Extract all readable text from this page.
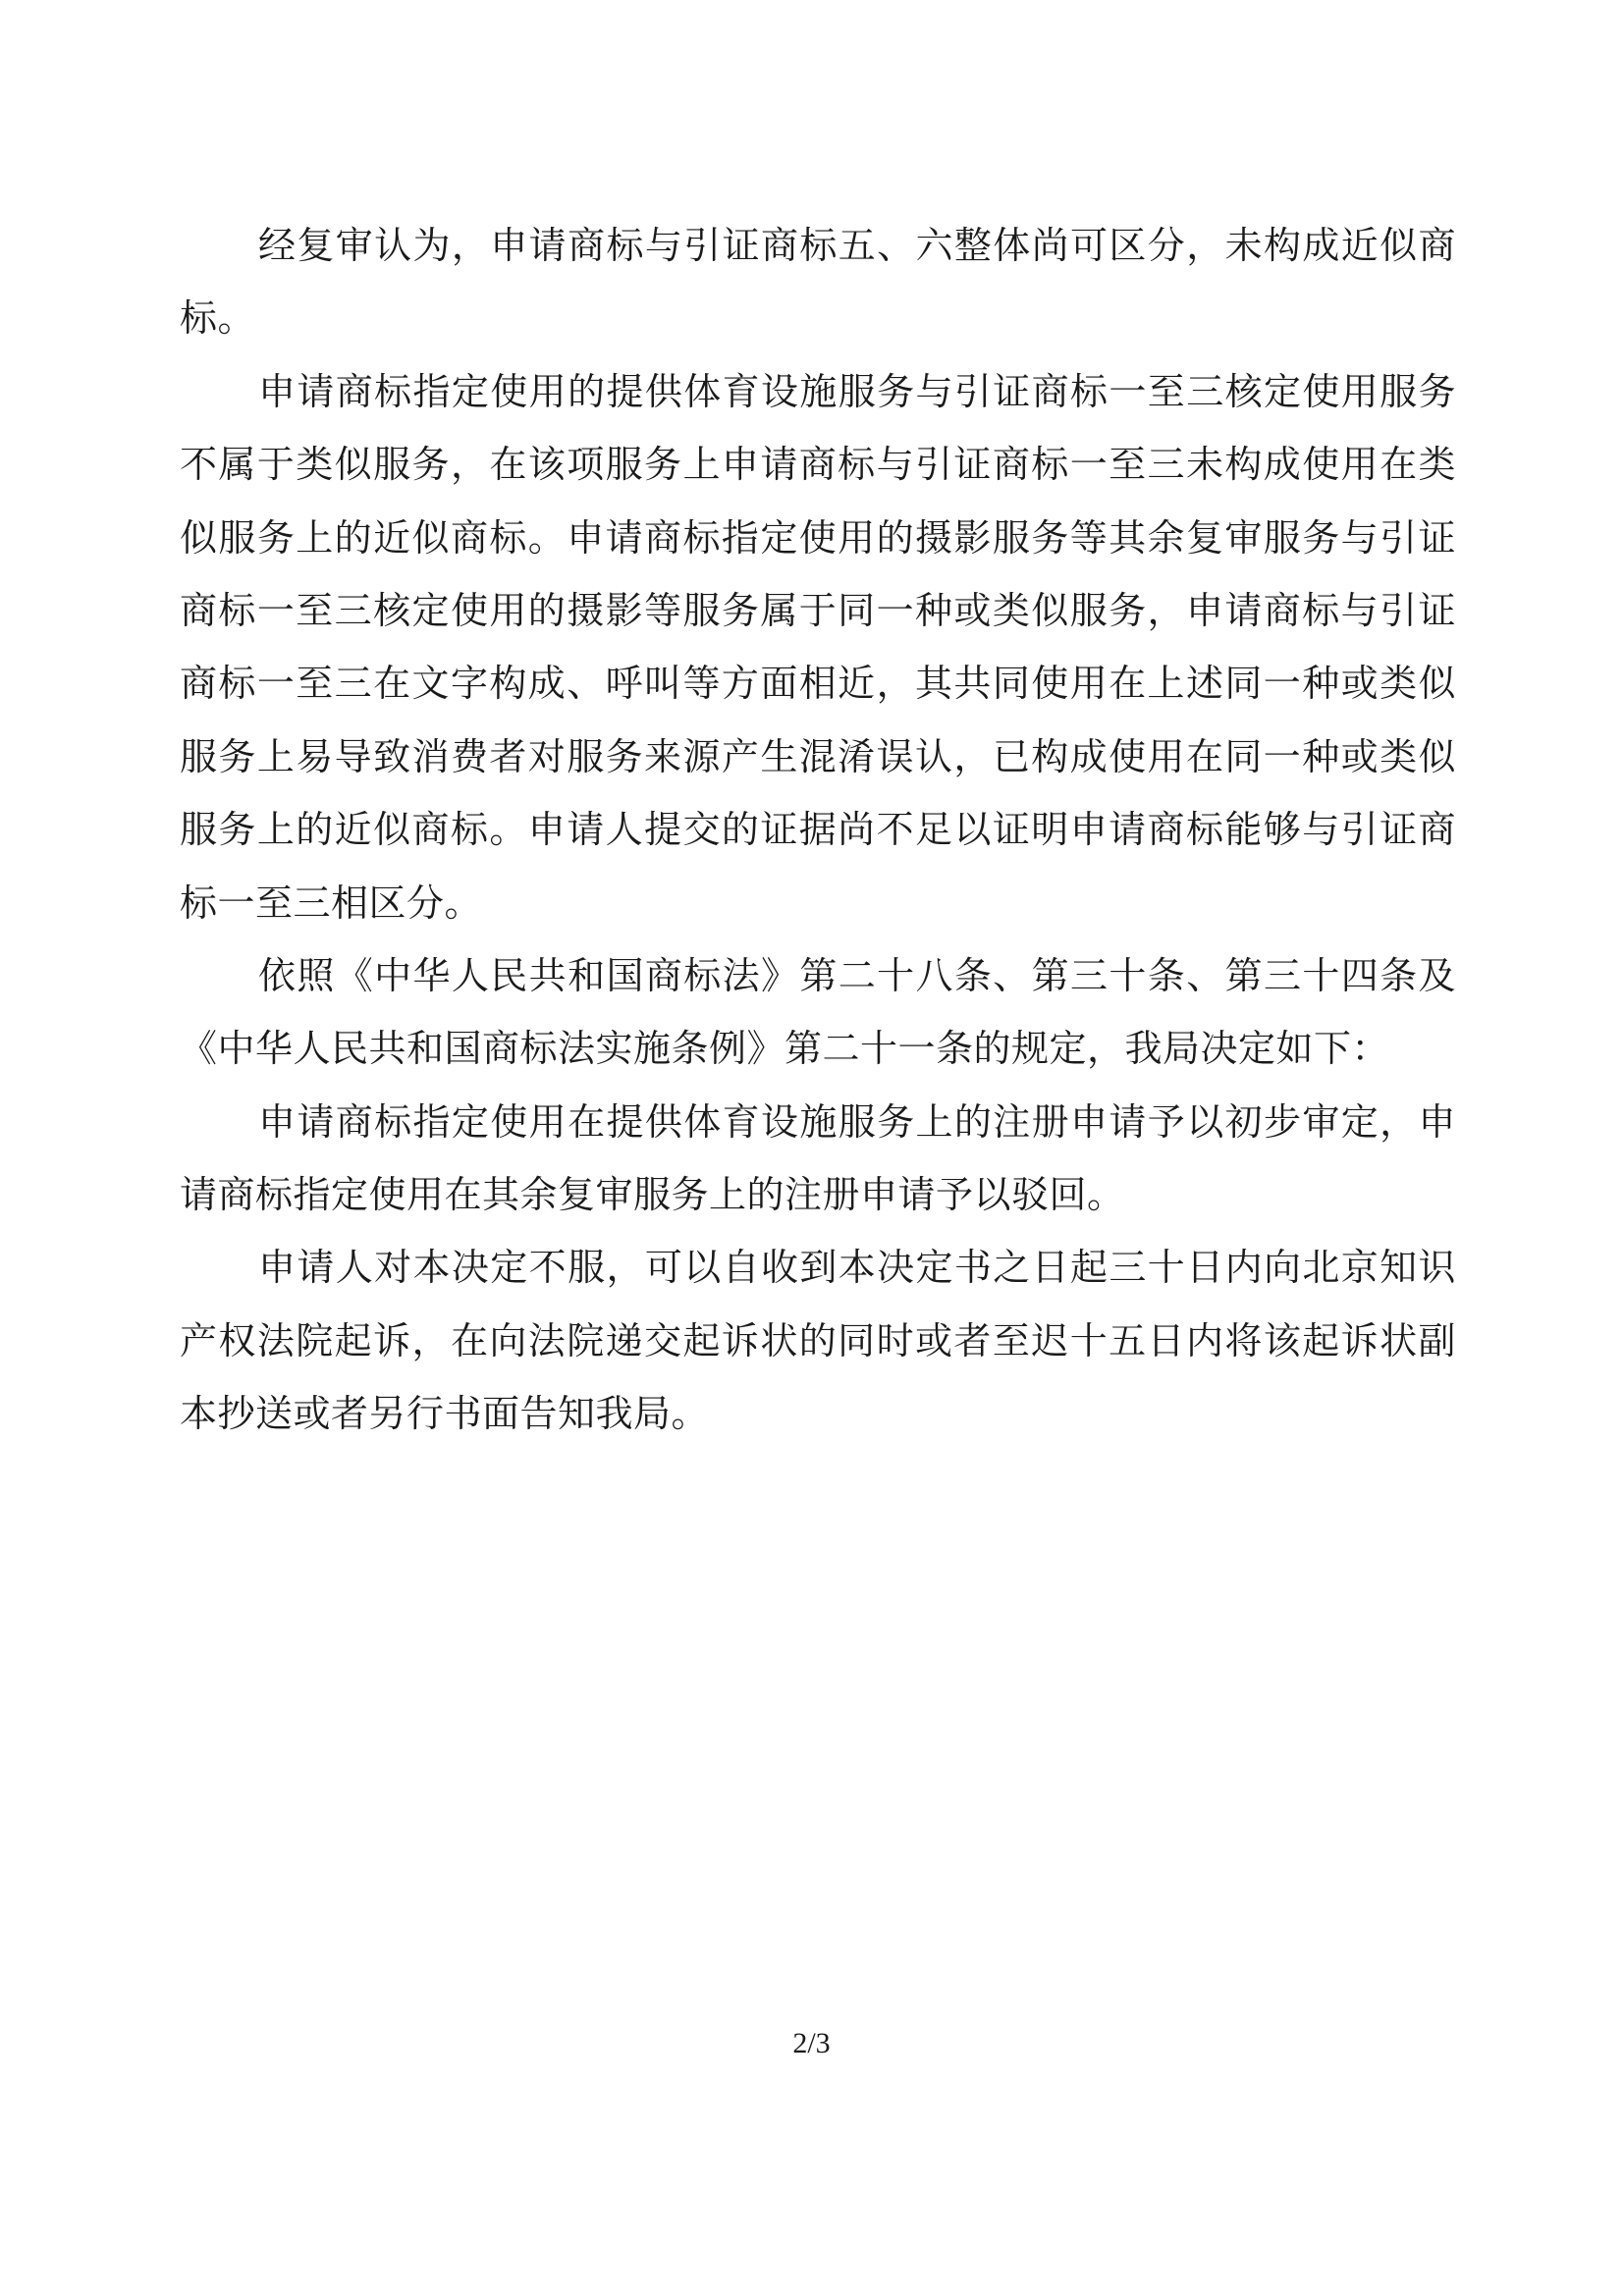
经复审认为，申请商标与引证商标五、六整体尚可区分，未构成近似商
标。
申请商标指定使用的提供体育设施服务与引证商标一至三核定使用服务
不属于类似服务，在该项服务上申请商标与引证商标一至三未构成使用在类
似服务上的近似商标。申请商标指定使用的摄影服务等其余复审服务与引证
商标一至三核定使用的摄影等服务属于同一种或类似服务，申请商标与引证
商标一至三在文字构成、呼叫等方面相近，其共同使用在上述同一种或类似
服务上易导致消费者对服务来源产生混淆误认，已构成使用在同一种或类似
服务上的近似商标。申请人提交的证据尚不足以证明申请商标能够与引证商
标一至三相区分。
依照《中华人民共和国商标法》第二十八条、第三十条、第三十四条及
《中华人民共和国商标法实施条例》第二十一条的规定，我局决定如下：
申请商标指定使用在提供体育设施服务上的注册申请予以初步审定，申
请商标指定使用在其余复审服务上的注册申请予以驳回。
申请人对本决定不服，可以自收到本决定书之日起三十日内向北京知识
产权法院起诉，在向法院递交起诉状的同时或者至迟十五日内将该起诉状副
本抄送或者另行书面告知我局。
2/3
